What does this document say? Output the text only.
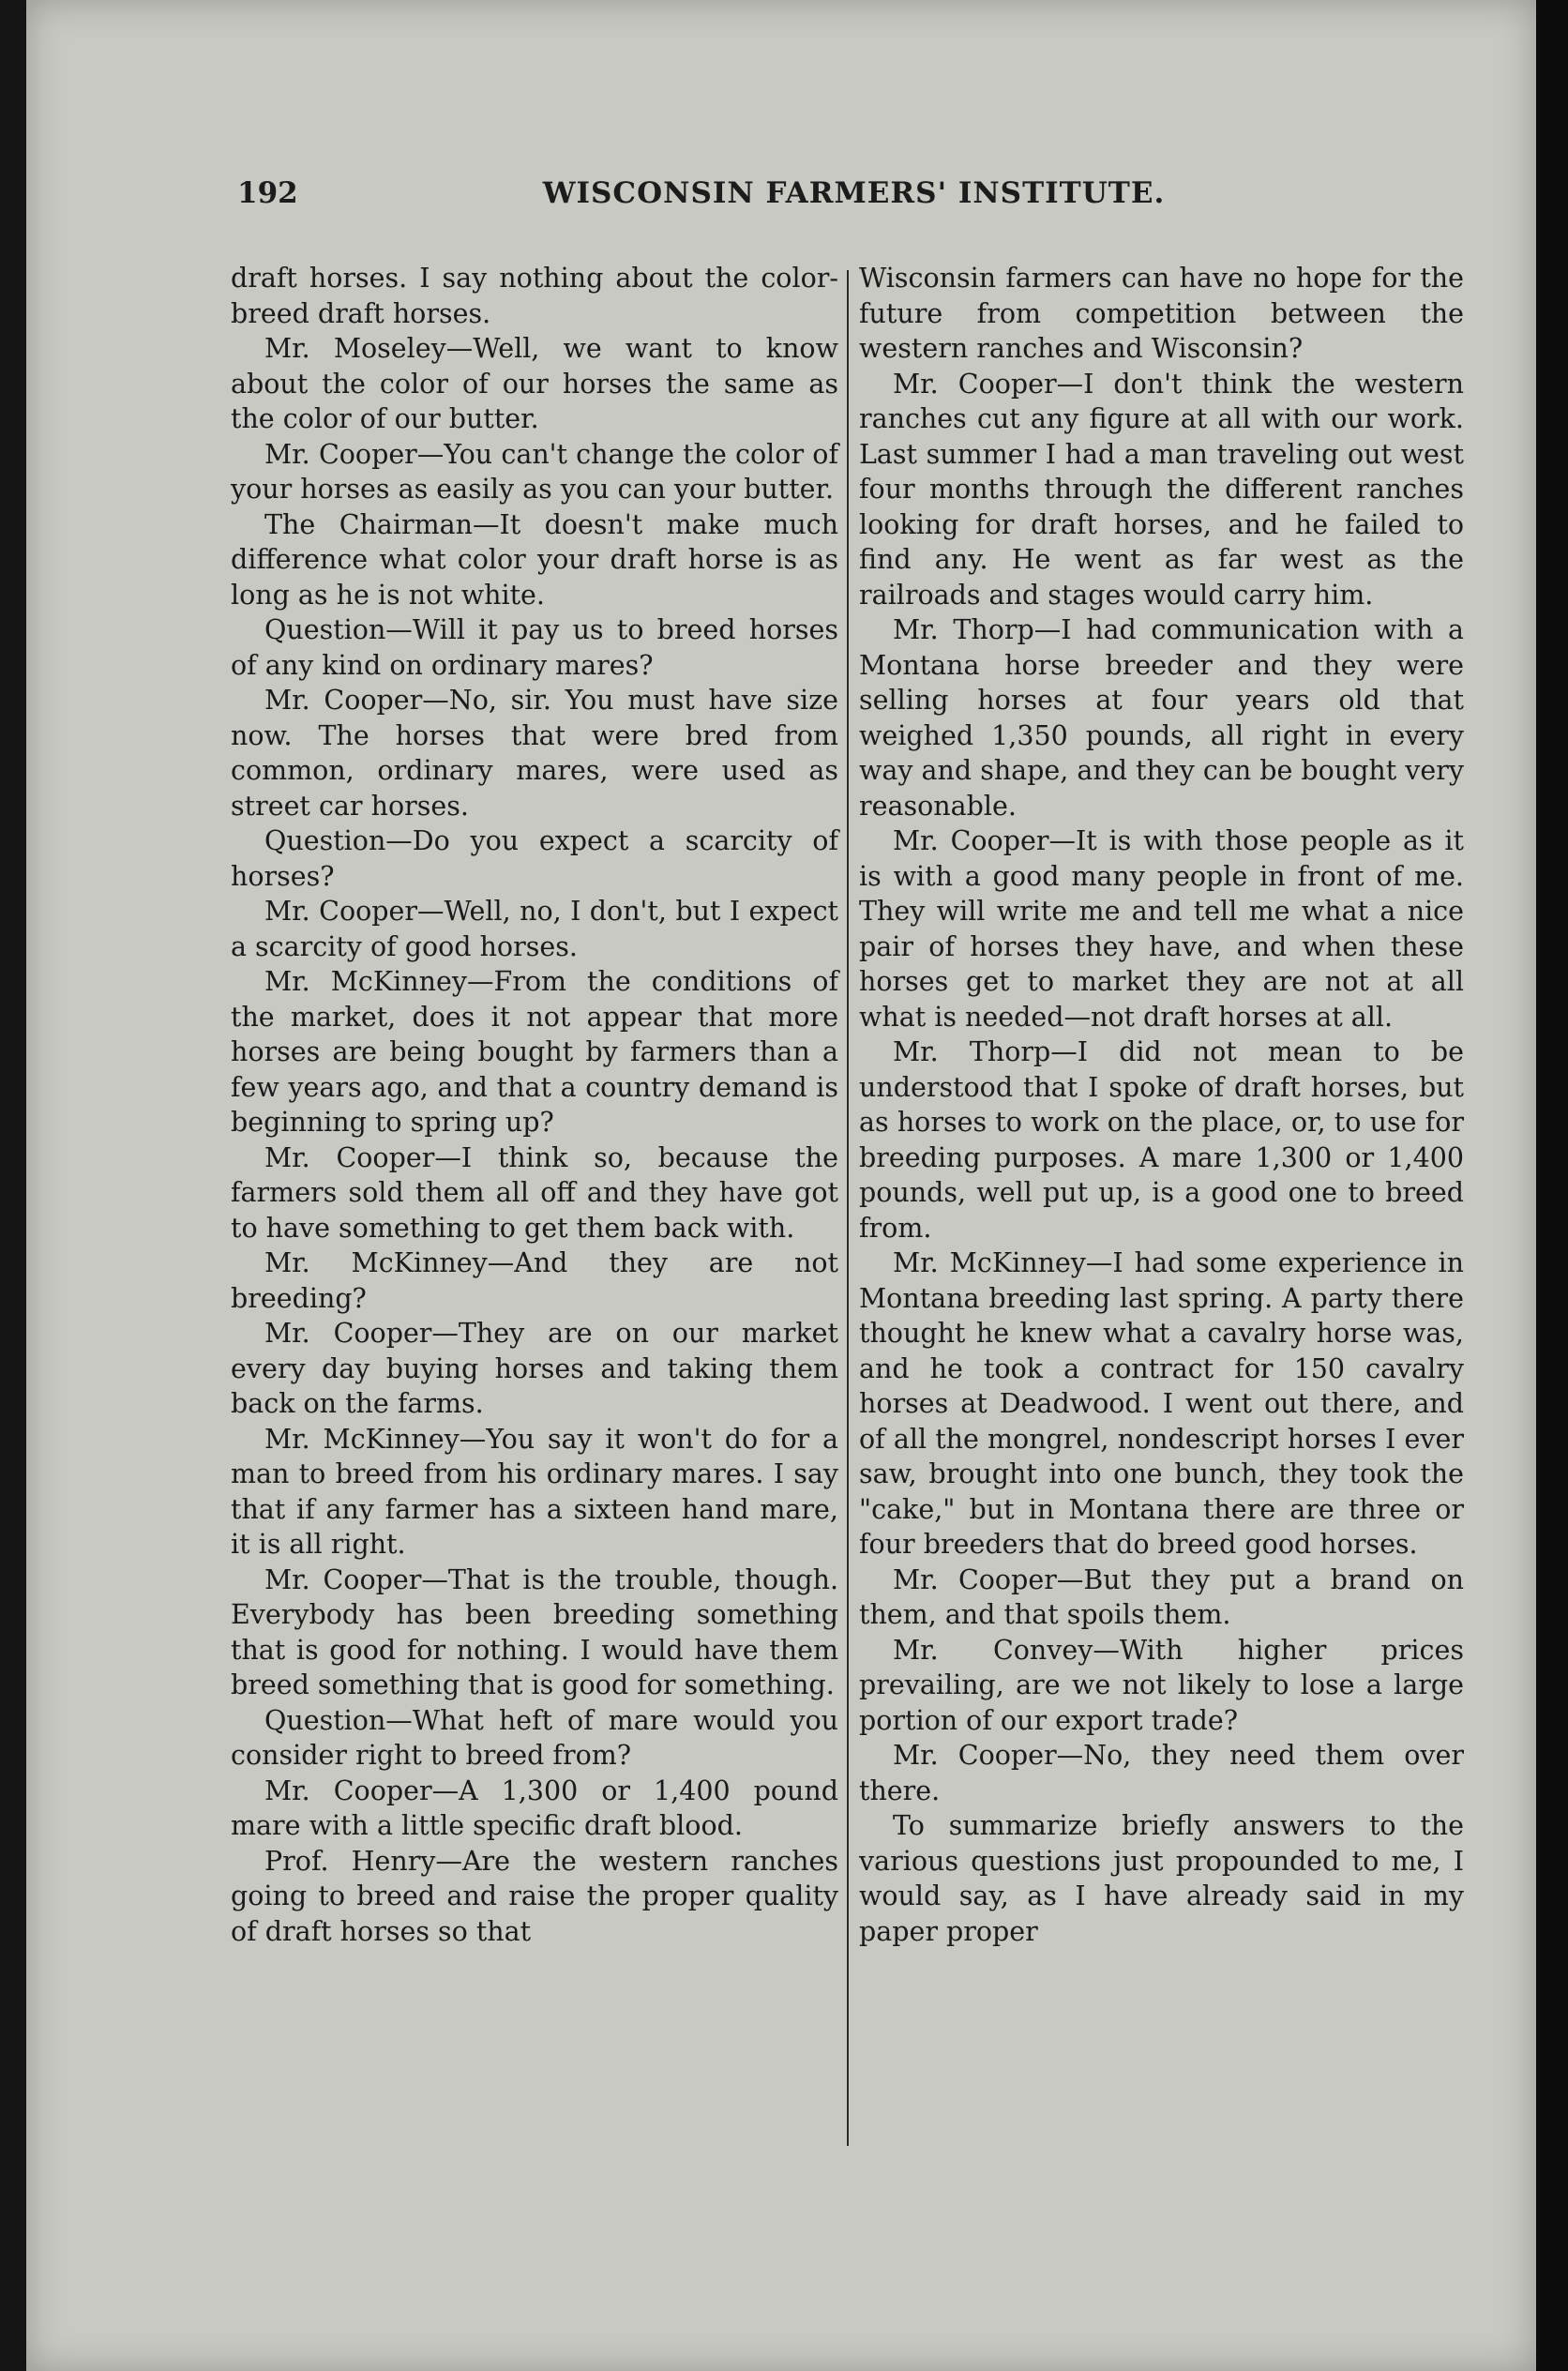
192	WISCONSIN FARMERS' INSTITUTE.

draft horses. I say nothing about the color-breed draft horses.

Mr. Moseley—Well, we want to know about the color of our horses the same as the color of our butter.

Mr. Cooper—You can't change the color of your horses as easily as you can your butter.

The Chairman—It doesn't make much difference what color your draft horse is as long as he is not white.

Question—Will it pay us to breed horses of any kind on ordinary mares?

Mr. Cooper—No, sir. You must have size now. The horses that were bred from common, ordinary mares, were used as street car horses.

Question—Do you expect a scarcity of horses?

Mr. Cooper—Well, no, I don't, but I expect a scarcity of good horses.

Mr. McKinney—From the conditions of the market, does it not appear that more horses are being bought by farmers than a few years ago, and that a country demand is beginning to spring up?

Mr. Cooper—I think so, because the farmers sold them all off and they have got to have something to get them back with.

Mr. McKinney—And they are not breeding?

Mr. Cooper—They are on our market every day buying horses and taking them back on the farms.

Mr. McKinney—You say it won't do for a man to breed from his ordinary mares. I say that if any farmer has a sixteen hand mare, it is all right.

Mr. Cooper—That is the trouble, though. Everybody has been breeding something that is good for nothing. I would have them breed something that is good for something.

Question—What heft of mare would you consider right to breed from?

Mr. Cooper—A 1,300 or 1,400 pound mare with a little specific draft blood.

Prof. Henry—Are the western ranches going to breed and raise the proper quality of draft horses so that

Wisconsin farmers can have no hope for the future from competition between the western ranches and Wisconsin?

Mr. Cooper—I don't think the western ranches cut any figure at all with our work. Last summer I had a man traveling out west four months through the different ranches looking for draft horses, and he failed to find any. He went as far west as the railroads and stages would carry him.

Mr. Thorp—I had communication with a Montana horse breeder and they were selling horses at four years old that weighed 1,350 pounds, all right in every way and shape, and they can be bought very reasonable.

Mr. Cooper—It is with those people as it is with a good many people in front of me. They will write me and tell me what a nice pair of horses they have, and when these horses get to market they are not at all what is needed—not draft horses at all.

Mr. Thorp—I did not mean to be understood that I spoke of draft horses, but as horses to work on the place, or, to use for breeding purposes. A mare 1,300 or 1,400 pounds, well put up, is a good one to breed from.

Mr. McKinney—I had some experience in Montana breeding last spring. A party there thought he knew what a cavalry horse was, and he took a contract for 150 cavalry horses at Deadwood. I went out there, and of all the mongrel, nondescript horses I ever saw, brought into one bunch, they took the "cake," but in Montana there are three or four breeders that do breed good horses.

Mr. Cooper—But they put a brand on them, and that spoils them.

Mr. Convey—With higher prices prevailing, are we not likely to lose a large portion of our export trade?

Mr. Cooper—No, they need them over there.

To summarize briefly answers to the various questions just propounded to me, I would say, as I have already said in my paper proper
